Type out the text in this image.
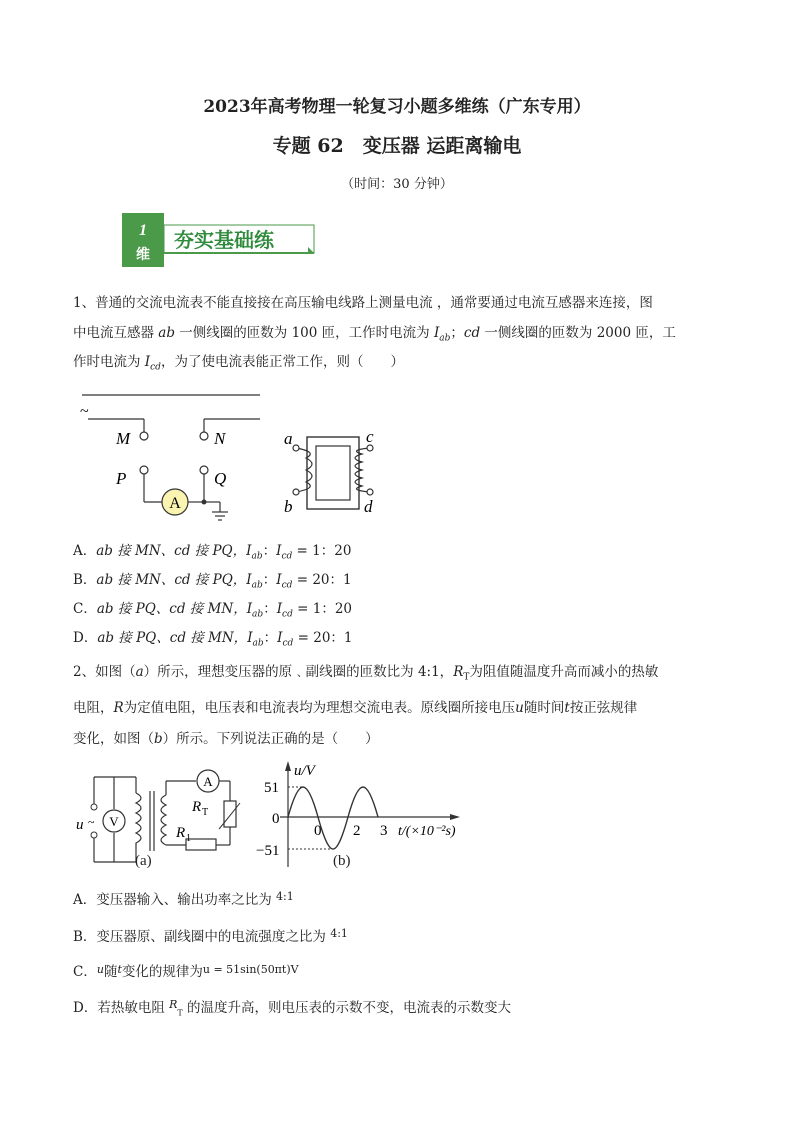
2023年高考物理一轮复习小题多维练（广东专用）
专题 62　变压器 运距离输电
（时间：30 分钟）
1
维
夯实基础练
1、普通的交流电流表不能直接接在高压输电线路上测量电流 ，通常要通过电流互感器来连接，图
中电流互感器 ab 一侧线圈的匝数为 100 匝，工作时电流为 $I_{ab}$；cd 一侧线圈的匝数为 2000 匝，工
作时电流为 $I_{cd}$，为了使电流表能正常工作，则（　　）
~
M	N
P	Q
A
a
b
c
d
A．ab 接 MN、cd 接 PQ，$I_{ab}$：$I_{cd} = 1$：20
B．ab 接 MN、cd 接 PQ，$I_{ab}$：$I_{cd} = 20$：1
C．ab 接 PQ、cd 接 MN，$I_{ab}$：$I_{cd} = 1$：20
D．ab 接 PQ、cd 接 MN，$I_{ab}$：$I_{cd} = 20$：1
2、如图（a）所示，理想变压器的原﹑副线圈的匝数比为 4:1，$R_T$为阻值随温度升高而减小的热敏
电阻，R为定值电阻，电压表和电流表均为理想交流电表。原线圈所接电压u随时间t按正弦规律
变化，如图（b）所示。下列说法正确的是（　　）
u ~ V
A
R T
R 1
(a)
u/V
51
0
−51
0 2 3 t/(×10⁻²s)
(b)
A．变压器输入、输出功率之比为 $^{4:1}$
B．变压器原、副线圈中的电流强度之比为 $^{4:1}$
C．$^u$随$^t$变化的规律为$^{u = 51sin(50\pi t)V}$
D．若热敏电阻 $^R_T$ 的温度升高，则电压表的示数不变，电流表的示数变大
